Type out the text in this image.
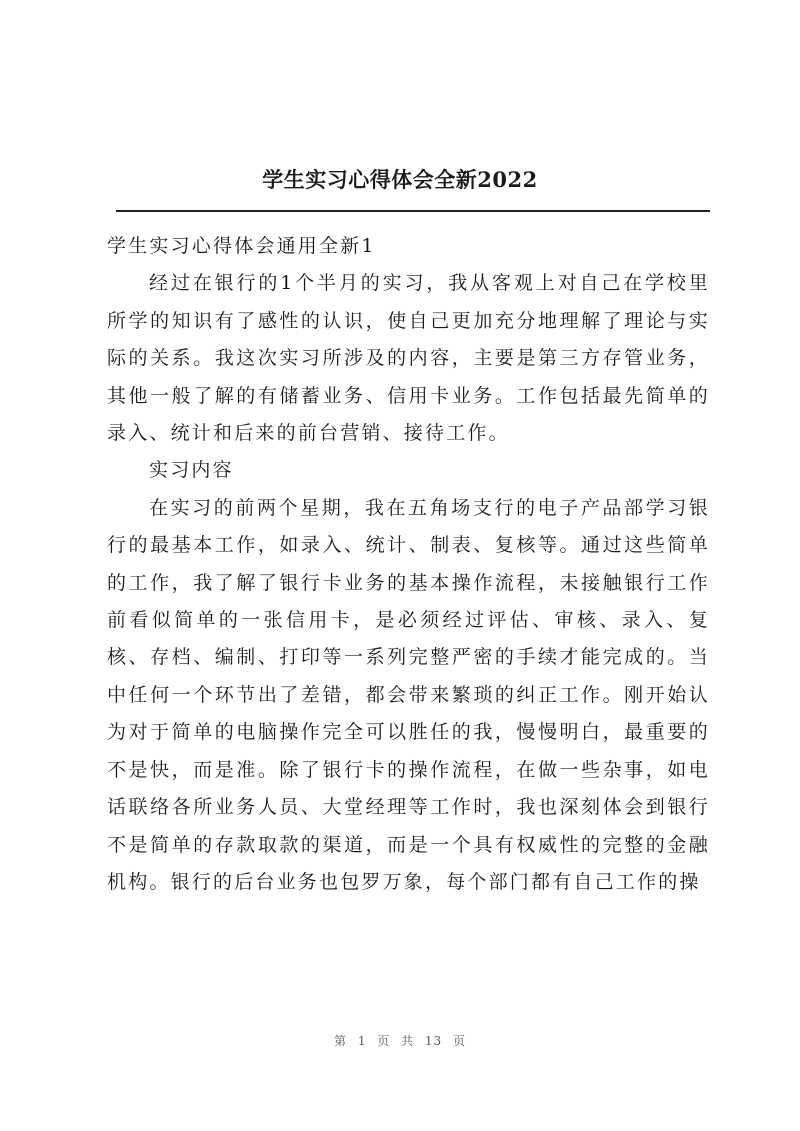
学生实习心得体会全新2022

学生实习心得体会通用全新1

经过在银行的1个半月的实习，我从客观上对自己在学校里所学的知识有了感性的认识，使自己更加充分地理解了理论与实际的关系。我这次实习所涉及的内容，主要是第三方存管业务，其他一般了解的有储蓄业务、信用卡业务。工作包括最先简单的录入、统计和后来的前台营销、接待工作。

实习内容

在实习的前两个星期，我在五角场支行的电子产品部学习银行的最基本工作，如录入、统计、制表、复核等。通过这些简单的工作，我了解了银行卡业务的基本操作流程，未接触银行工作前看似简单的一张信用卡，是必须经过评估、审核、录入、复核、存档、编制、打印等一系列完整严密的手续才能完成的。当中任何一个环节出了差错，都会带来繁琐的纠正工作。刚开始认为对于简单的电脑操作完全可以胜任的我，慢慢明白，最重要的不是快，而是准。除了银行卡的操作流程，在做一些杂事，如电话联络各所业务人员、大堂经理等工作时，我也深刻体会到银行不是简单的存款取款的渠道，而是一个具有权威性的完整的金融机构。银行的后台业务也包罗万象，每个部门都有自己工作的操

第 1 页 共 13 页
